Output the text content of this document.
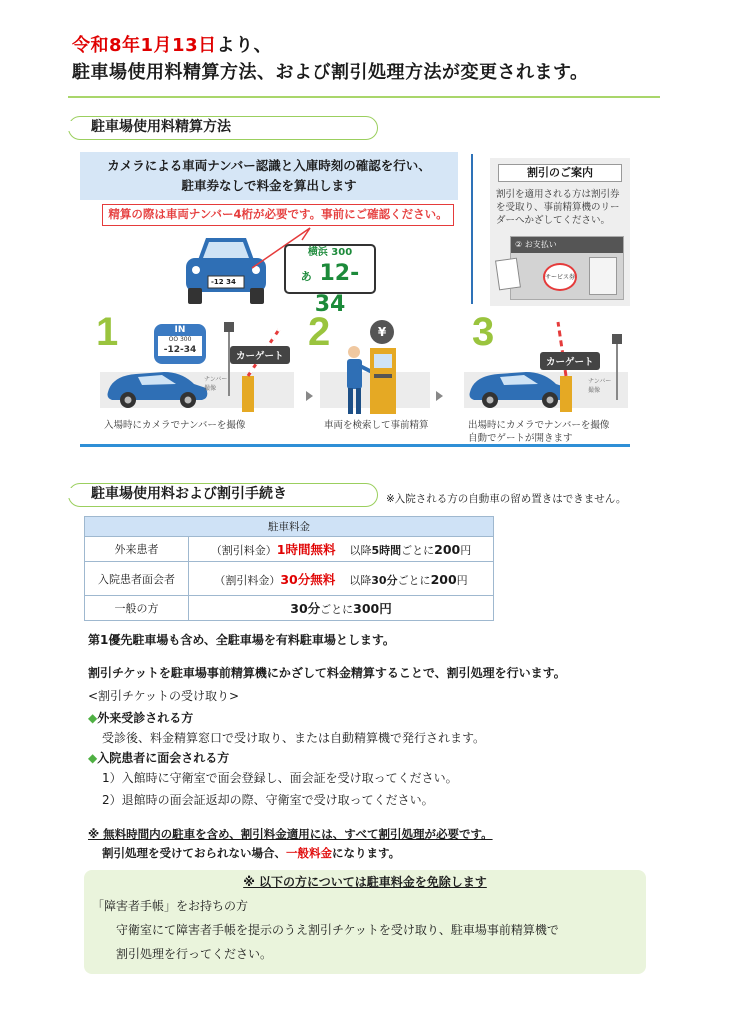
令和8年1月13日より、
駐車場使用料精算方法、および割引処理方法が変更されます。
駐車場使用料精算方法
カメラによる車両ナンバー認識と入庫時刻の確認を行い、
駐車券なしで料金を算出します
精算の際は車両ナンバー4桁が必要です。事前にご確認ください。
-12 34
横浜 300
あ 12-34
割引のご案内
割引を適用される方は割引券
を受取り、事前精算機のリー
ダーへかざしてください。
② お支払い
サービス券
1	IN
OO 300
-12-34
カーゲート
ナンバー 撮像
入場時にカメラでナンバーを撮像
2	¥
車両を検索して事前精算
3
カーゲート
ナンバー 撮像
出場時にカメラでナンバーを撮像
自動でゲートが開きます
駐車場使用料および割引手続き	※入院される方の自動車の留め置きはできません。
駐車料金	
外来患者	（割引料金）1時間無料 以降5時間ごとに200円
入院患者面会者	（割引料金）30分無料 以降30分ごとに200円
一般の方	30分ごとに300円
第1優先駐車場も含め、全駐車場を有料駐車場とします。
割引チケットを駐車場事前精算機にかざして料金精算することで、割引処理を行います。
<割引チケットの受け取り>
◆外来受診される方
受診後、料金精算窓口で受け取り、または自動精算機で発行されます。
◆入院患者に面会される方
1）入館時に守衛室で面会登録し、面会証を受け取ってください。
2）退館時の面会証返却の際、守衛室で受け取ってください。
※ 無料時間内の駐車を含め、割引料金適用には、すべて割引処理が必要です。
割引処理を受けておられない場合、一般料金になります。
※ 以下の方については駐車料金を免除します
「障害者手帳」をお持ちの方
守衛室にて障害者手帳を提示のうえ割引チケットを受け取り、駐車場事前精算機で
割引処理を行ってください。
